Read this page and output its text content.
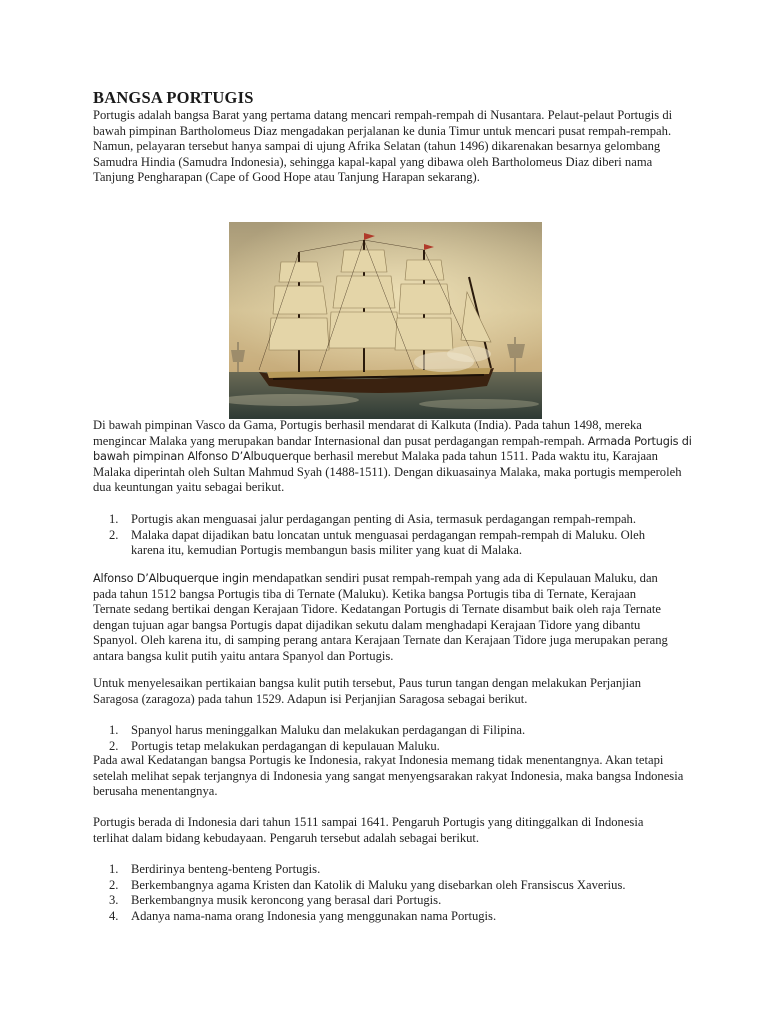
BANGSA PORTUGIS

Portugis adalah bangsa Barat yang pertama datang mencari rempah-rempah di Nusantara. Pelaut-pelaut Portugis di bawah pimpinan Bartholomeus Diaz mengadakan perjalanan ke dunia Timur untuk mencari pusat rempah-rempah. Namun, pelayaran tersebut hanya sampai di ujung Afrika Selatan (tahun 1496) dikarenakan besarnya gelombang Samudra Hindia (Samudra Indonesia), sehingga kapal-kapal yang dibawa oleh Bartholomeus Diaz diberi nama Tanjung Pengharapan (Cape of Good Hope atau Tanjung Harapan sekarang).

Di bawah pimpinan Vasco da Gama, Portugis berhasil mendarat di Kalkuta (India). Pada tahun 1498, mereka mengincar Malaka yang merupakan bandar Internasional dan pusat perdagangan rempah-rempah. Armada Portugis di bawah pimpinan Alfonso D’Albuquerque berhasil merebut Malaka pada tahun 1511. Pada waktu itu, Karajaan Malaka diperintah oleh Sultan Mahmud Syah (1488-1511). Dengan dikuasainya Malaka, maka portugis memperoleh dua keuntungan yaitu sebagai berikut.

1. Portugis akan menguasai jalur perdagangan penting di Asia, termasuk perdagangan rempah-rempah.
2. Malaka dapat dijadikan batu loncatan untuk menguasai perdagangan rempah-rempah di Maluku. Oleh karena itu, kemudian Portugis membangun basis militer yang kuat di Malaka.

Alfonso D’Albuquerque ingin mendapatkan sendiri pusat rempah-rempah yang ada di Kepulauan Maluku, dan pada tahun 1512 bangsa Portugis tiba di Ternate (Maluku). Ketika bangsa Portugis tiba di Ternate, Kerajaan Ternate sedang bertikai dengan Kerajaan Tidore. Kedatangan Portugis di Ternate disambut baik oleh raja Ternate dengan tujuan agar bangsa Portugis dapat dijadikan sekutu dalam menghadapi Kerajaan Tidore yang dibantu Spanyol. Oleh karena itu, di samping perang antara Kerajaan Ternate dan Kerajaan Tidore juga merupakan perang antara bangsa kulit putih yaitu antara Spanyol dan Portugis.

Untuk menyelesaikan pertikaian bangsa kulit putih tersebut, Paus turun tangan dengan melakukan Perjanjian Saragosa (zaragoza) pada tahun 1529. Adapun isi Perjanjian Saragosa sebagai berikut.

1. Spanyol harus meninggalkan Maluku dan melakukan perdagangan di Filipina.
2. Portugis tetap melakukan perdagangan di kepulauan Maluku.

Pada awal Kedatangan bangsa Portugis ke Indonesia, rakyat Indonesia memang tidak menentangnya. Akan tetapi setelah melihat sepak terjangnya di Indonesia yang sangat menyengsarakan rakyat Indonesia, maka bangsa Indonesia berusaha menentangnya.

Portugis berada di Indonesia dari tahun 1511 sampai 1641. Pengaruh Portugis yang ditinggalkan di Indonesia terlihat dalam bidang kebudayaan. Pengaruh tersebut adalah sebagai berikut.

1. Berdirinya benteng-benteng Portugis.
2. Berkembangnya agama Kristen dan Katolik di Maluku yang disebarkan oleh Fransiscus Xaverius.
3. Berkembangnya musik keroncong yang berasal dari Portugis.
4. Adanya nama-nama orang Indonesia yang menggunakan nama Portugis.
